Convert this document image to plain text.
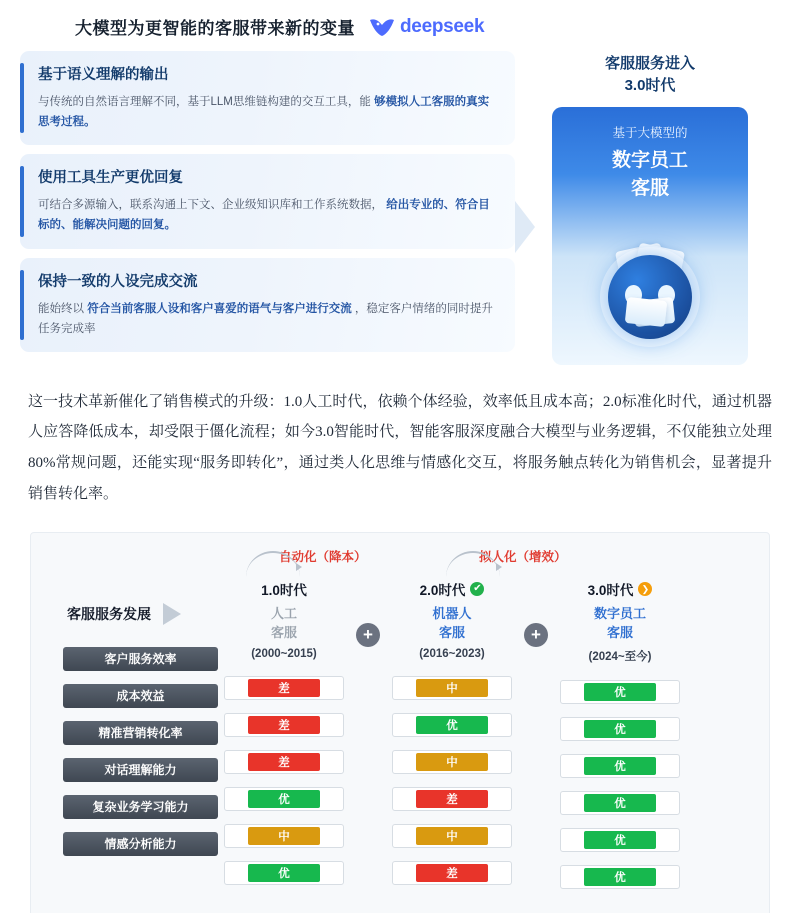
大模型为更智能的客服带来新的变量 deepseek
基于语义理解的输出
与传统的自然语言理解不同，基于LLM思维链构建的交互工具，能 够模拟人工客服的真实思考过程。
使用工具生产更优回复
可结合多源输入，联系沟通上下文、企业级知识库和工作系统数据， 给出专业的、符合目标的、能解决问题的回复。
保持一致的人设完成交流
能始终以 符合当前客服人设和客户喜爱的语气与客户进行交流 ，稳定客户情绪的同时提升任务完成率
客服服务进入
3.0时代
基于大模型的
数字员工
客服
这一技术革新催化了销售模式的升级：1.0人工时代，依赖个体经验，效率低且成本高；2.0标准化时代，通过机器人应答降低成本，却受限于僵化流程；如今3.0智能时代，智能客服深度融合大模型与业务逻辑，不仅能独立处理80%常规问题，还能实现“服务即转化”，通过类人化思维与情感化交互，将服务触点转化为销售机会，显著提升销售转化率。
自动化（降本）	拟人化（增效）
客服服务发展
客户服务效率
成本效益
精准营销转化率
对话理解能力
复杂业务学习能力
情感分析能力
1.0时代
人工
客服
(2000~2015)
差
差
差
优
中
优
+
2.0时代 ✔
机器人
客服
(2016~2023)
中
优
中
差
中
差
+
3.0时代 ❯
数字员工
客服
(2024~至今)
优
优
优
优
优
优
